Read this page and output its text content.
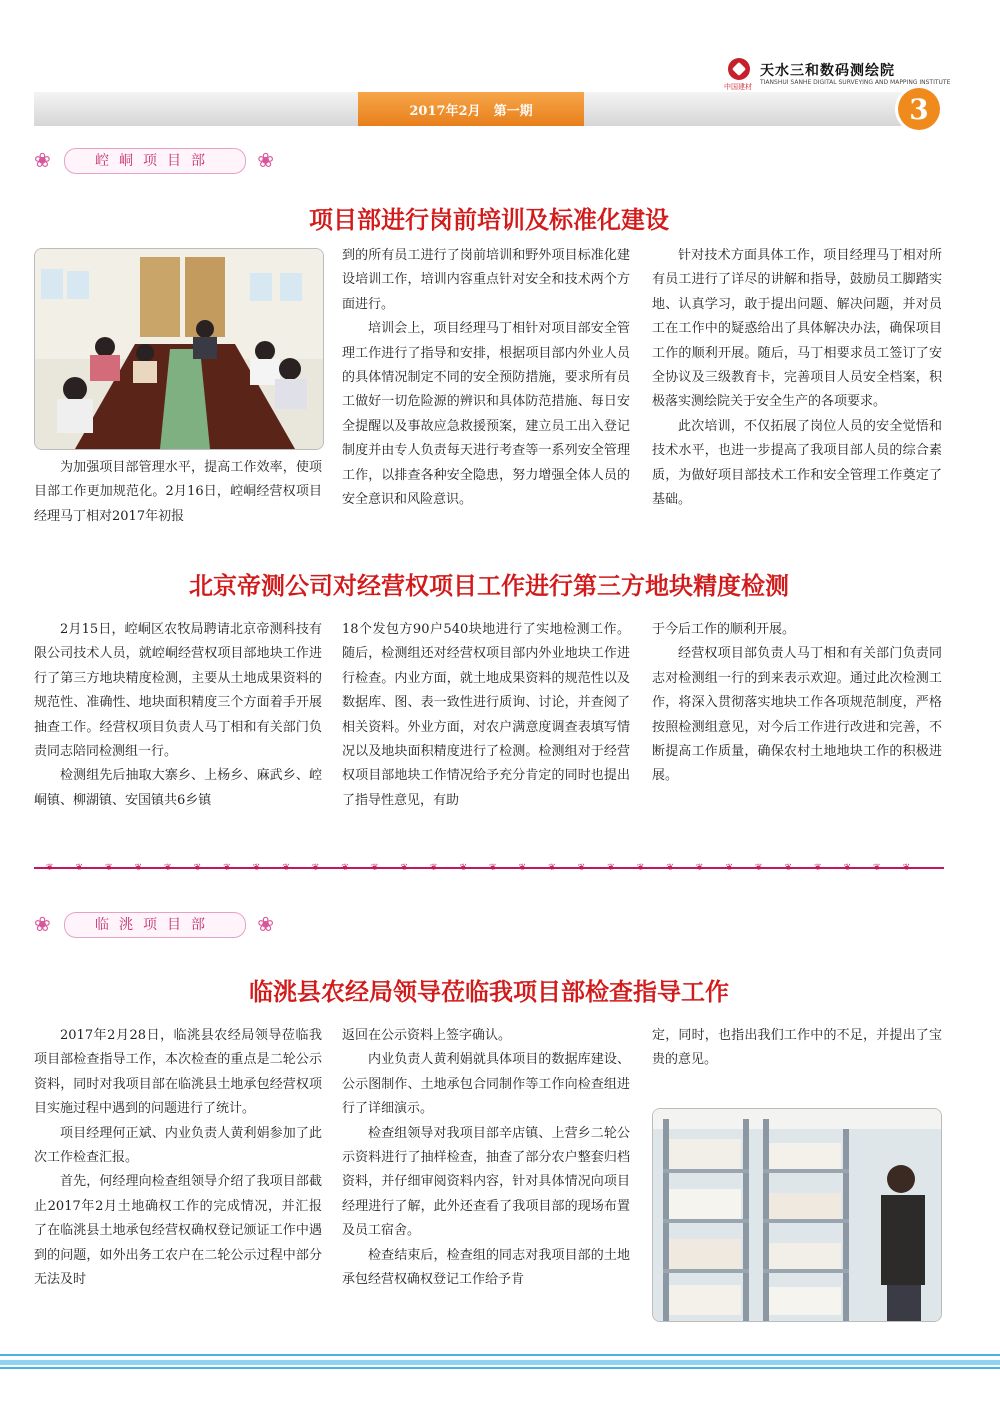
中国建材
天水三和数码测绘院
TIANSHUI SANHE DIGITAL SURVEYING AND MAPPING INSTITUTE
2017年2月　第一期	3
❀	崆峒项目部	❀
项目部进行岗前培训及标准化建设

为加强项目部管理水平，提高工作效率，使项目部工作更加规范化。2月16日，崆峒经营权项目经理马丁相对2017年初报

到的所有员工进行了岗前培训和野外项目标准化建设培训工作，培训内容重点针对安全和技术两个方面进行。

培训会上，项目经理马丁相针对项目部安全管理工作进行了指导和安排，根据项目部内外业人员的具体情况制定不同的安全预防措施，要求所有员工做好一切危险源的辨识和具体防范措施、每日安全提醒以及事故应急救援预案，建立员工出入登记制度并由专人负责每天进行考查等一系列安全管理工作，以排查各种安全隐患，努力增强全体人员的安全意识和风险意识。

针对技术方面具体工作，项目经理马丁相对所有员工进行了详尽的讲解和指导，鼓励员工脚踏实地、认真学习，敢于提出问题、解决问题，并对员工在工作中的疑惑给出了具体解决办法，确保项目工作的顺利开展。随后，马丁相要求员工签订了安全协议及三级教育卡，完善项目人员安全档案，积极落实测绘院关于安全生产的各项要求。

此次培训，不仅拓展了岗位人员的安全觉悟和技术水平，也进一步提高了我项目部人员的综合素质，为做好项目部技术工作和安全管理工作奠定了基础。

北京帝测公司对经营权项目工作进行第三方地块精度检测

2月15日，崆峒区农牧局聘请北京帝测科技有限公司技术人员，就崆峒经营权项目部地块工作进行了第三方地块精度检测，主要从土地成果资料的规范性、准确性、地块面积精度三个方面着手开展抽查工作。经营权项目负责人马丁相和有关部门负责同志陪同检测组一行。

检测组先后抽取大寨乡、上杨乡、麻武乡、崆峒镇、柳湖镇、安国镇共6乡镇

18个发包方90户540块地进行了实地检测工作。随后，检测组还对经营权项目部内外业地块工作进行检查。内业方面，就土地成果资料的规范性以及数据库、图、表一致性进行质询、讨论，并查阅了相关资料。外业方面，对农户满意度调查表填写情况以及地块面积精度进行了检测。检测组对于经营权项目部地块工作情况给予充分肯定的同时也提出了指导性意见，有助

于今后工作的顺利开展。

经营权项目部负责人马丁相和有关部门负责同志对检测组一行的到来表示欢迎。通过此次检测工作，将深入贯彻落实地块工作各项规范制度，严格按照检测组意见，对今后工作进行改进和完善，不断提高工作质量，确保农村土地地块工作的积极进展。

❦❦❦❦❦❦❦❦❦❦❦❦❦❦❦❦❦❦❦❦❦❦❦❦❦❦❦❦❦❦
❀	临洮项目部	❀
临洮县农经局领导莅临我项目部检查指导工作

2017年2月28日，临洮县农经局领导莅临我项目部检查指导工作，本次检查的重点是二轮公示资料，同时对我项目部在临洮县土地承包经营权项目实施过程中遇到的问题进行了统计。

项目经理何正斌、内业负责人黄利娟参加了此次工作检查汇报。

首先，何经理向检查组领导介绍了我项目部截止2017年2月土地确权工作的完成情况，并汇报了在临洮县土地承包经营权确权登记颁证工作中遇到的问题，如外出务工农户在二轮公示过程中部分无法及时

返回在公示资料上签字确认。

内业负责人黄利娟就具体项目的数据库建设、公示图制作、土地承包合同制作等工作向检查组进行了详细演示。

检查组领导对我项目部辛店镇、上营乡二轮公示资料进行了抽样检查，抽查了部分农户整套归档资料，并仔细审阅资料内容，针对具体情况向项目经理进行了解，此外还查看了我项目部的现场布置及员工宿舍。

检查结束后，检查组的同志对我项目部的土地承包经营权确权登记工作给予肯

定，同时，也指出我们工作中的不足，并提出了宝贵的意见。
